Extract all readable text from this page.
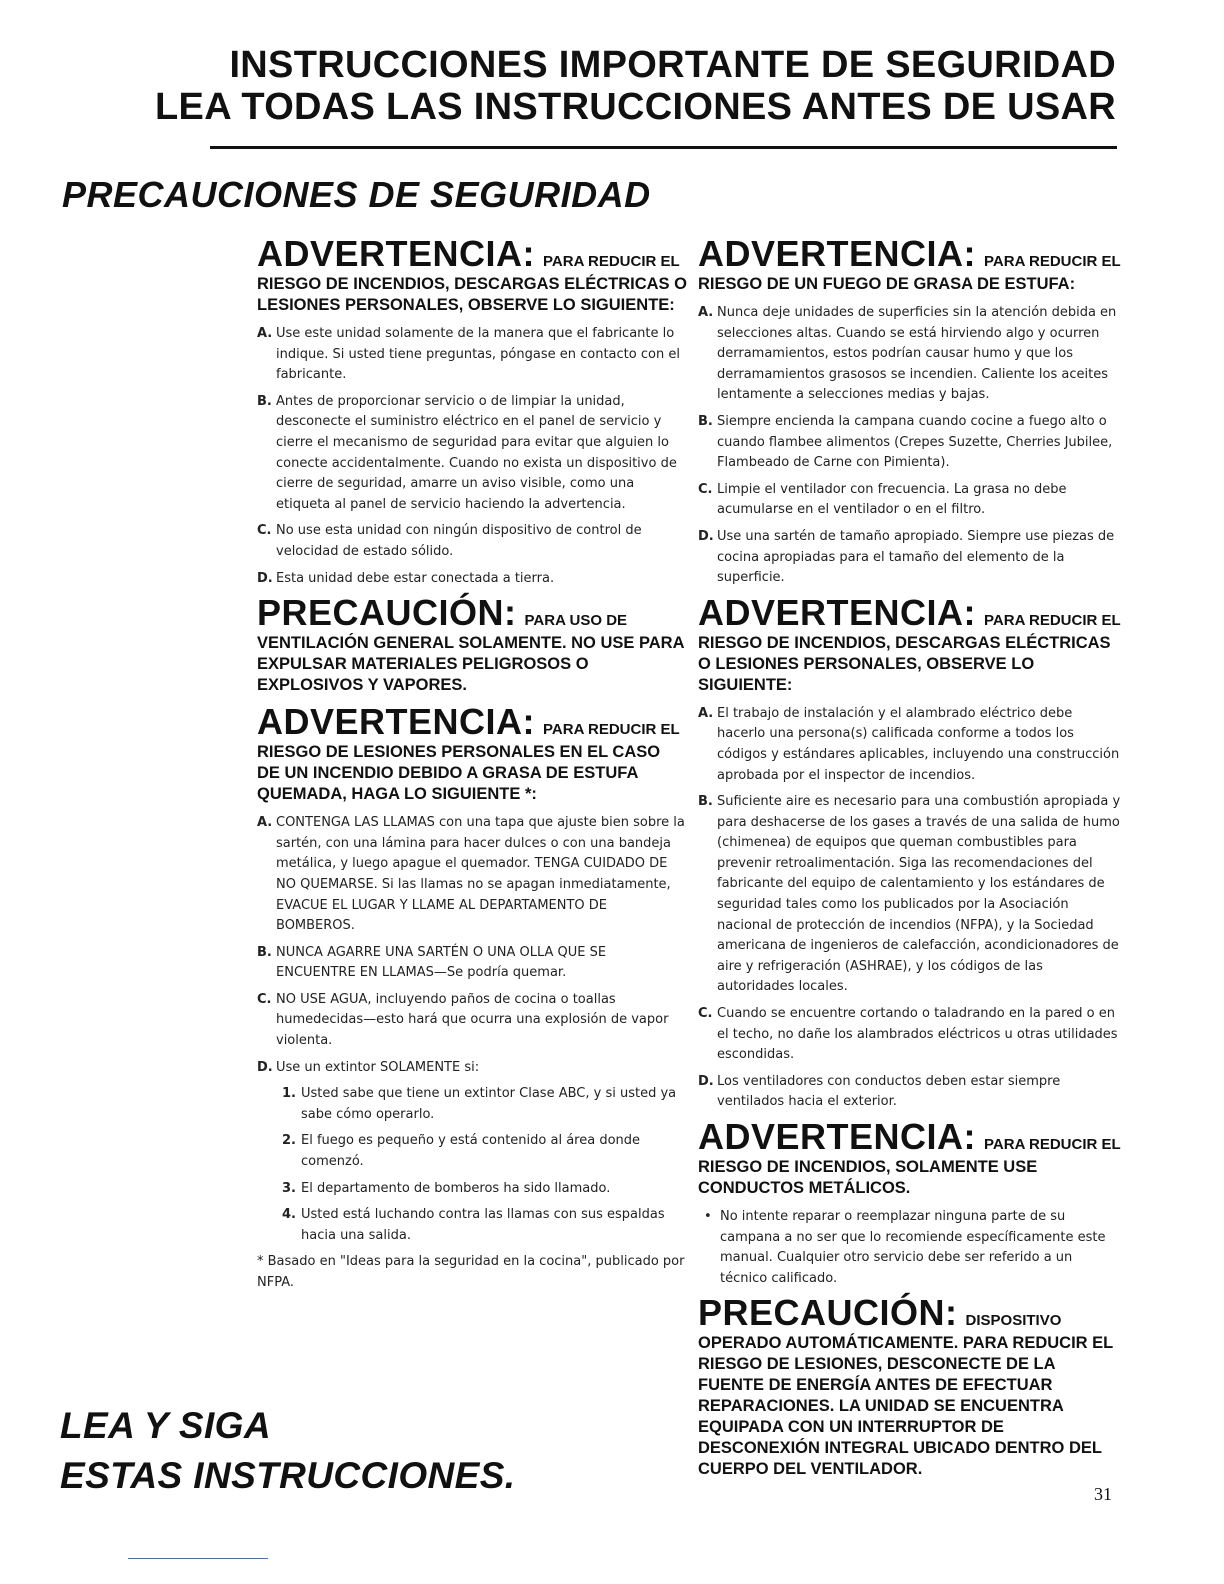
INSTRUCCIONES IMPORTANTE DE SEGURIDAD
LEA TODAS LAS INSTRUCCIONES ANTES DE USAR
PRECAUCIONES DE SEGURIDAD
ADVERTENCIA: PARA REDUCIR EL
RIESGO DE INCENDIOS, DESCARGAS ELÉCTRICAS O LESIONES PERSONALES, OBSERVE LO SIGUIENTE:
A. Use este unidad solamente de la manera que el fabricante lo indique. Si usted tiene preguntas, póngase en contacto con el fabricante.
B. Antes de proporcionar servicio o de limpiar la unidad, desconecte el suministro eléctrico en el panel de servicio y cierre el mecanismo de seguridad para evitar que alguien lo conecte accidentalmente. Cuando no exista un dispositivo de cierre de seguridad, amarre un aviso visible, como una etiqueta al panel de servicio haciendo la advertencia.
C. No use esta unidad con ningún dispositivo de control de velocidad de estado sólido.
D. Esta unidad debe estar conectada a tierra.
PRECAUCIÓN: PARA USO DE
VENTILACIÓN GENERAL SOLAMENTE. NO USE PARA EXPULSAR MATERIALES PELIGROSOS O EXPLOSIVOS Y VAPORES.
ADVERTENCIA: PARA REDUCIR EL
RIESGO DE LESIONES PERSONALES EN EL CASO DE UN INCENDIO DEBIDO A GRASA DE ESTUFA QUEMADA, HAGA LO SIGUIENTE *:
A. CONTENGA LAS LLAMAS con una tapa que ajuste bien sobre la sartén, con una lámina para hacer dulces o con una bandeja metálica, y luego apague el quemador. TENGA CUIDADO DE NO QUEMARSE. Si las llamas no se apagan inmediatamente, EVACUE EL LUGAR Y LLAME AL DEPARTAMENTO DE BOMBEROS.
B. NUNCA AGARRE UNA SARTÉN O UNA OLLA QUE SE ENCUENTRE EN LLAMAS—Se podría quemar.
C. NO USE AGUA, incluyendo paños de cocina o toallas humedecidas—esto hará que ocurra una explosión de vapor violenta.
D. Use un extintor SOLAMENTE si:
1. Usted sabe que tiene un extintor Clase ABC, y si usted ya sabe cómo operarlo.
2. El fuego es pequeño y está contenido al área donde comenzó.
3. El departamento de bomberos ha sido llamado.
4. Usted está luchando contra las llamas con sus espaldas hacia una salida.
* Basado en "Ideas para la seguridad en la cocina", publicado por NFPA.
ADVERTENCIA: PARA REDUCIR EL
RIESGO DE UN FUEGO DE GRASA DE ESTUFA:
A. Nunca deje unidades de superficies sin la atención debida en selecciones altas. Cuando se está hirviendo algo y ocurren derramamientos, estos podrían causar humo y que los derramamientos grasosos se incendien. Caliente los aceites lentamente a selecciones medias y bajas.
B. Siempre encienda la campana cuando cocine a fuego alto o cuando flambee alimentos (Crepes Suzette, Cherries Jubilee, Flambeado de Carne con Pimienta).
C. Limpie el ventilador con frecuencia. La grasa no debe acumularse en el ventilador o en el filtro.
D. Use una sartén de tamaño apropiado. Siempre use piezas de cocina apropiadas para el tamaño del elemento de la superficie.
ADVERTENCIA: PARA REDUCIR EL
RIESGO DE INCENDIOS, DESCARGAS ELÉCTRICAS O LESIONES PERSONALES, OBSERVE LO SIGUIENTE:
A. El trabajo de instalación y el alambrado eléctrico debe hacerlo una persona(s) calificada conforme a todos los códigos y estándares aplicables, incluyendo una construcción aprobada por el inspector de incendios.
B. Suficiente aire es necesario para una combustión apropiada y para deshacerse de los gases a través de una salida de humo (chimenea) de equipos que queman combustibles para prevenir retroalimentación. Siga las recomendaciones del fabricante del equipo de calentamiento y los estándares de seguridad tales como los publicados por la Asociación nacional de protección de incendios (NFPA), y la Sociedad americana de ingenieros de calefacción, acondicionadores de aire y refrigeración (ASHRAE), y los códigos de las autoridades locales.
C. Cuando se encuentre cortando o taladrando en la pared o en el techo, no dañe los alambrados eléctricos u otras utilidades escondidas.
D. Los ventiladores con conductos deben estar siempre ventilados hacia el exterior.
ADVERTENCIA: PARA REDUCIR EL
RIESGO DE INCENDIOS, SOLAMENTE USE CONDUCTOS METÁLICOS.
• No intente reparar o reemplazar ninguna parte de su campana a no ser que lo recomiende específicamente este manual. Cualquier otro servicio debe ser referido a un técnico calificado.
PRECAUCIÓN: DISPOSITIVO
OPERADO AUTOMÁTICAMENTE. PARA REDUCIR EL RIESGO DE LESIONES, DESCONECTE DE LA FUENTE DE ENERGÍA ANTES DE EFECTUAR REPARACIONES. LA UNIDAD SE ENCUENTRA EQUIPADA CON UN INTERRUPTOR DE DESCONEXIÓN INTEGRAL UBICADO DENTRO DEL CUERPO DEL VENTILADOR.
LEA Y SIGA
ESTAS INSTRUCCIONES.	31
